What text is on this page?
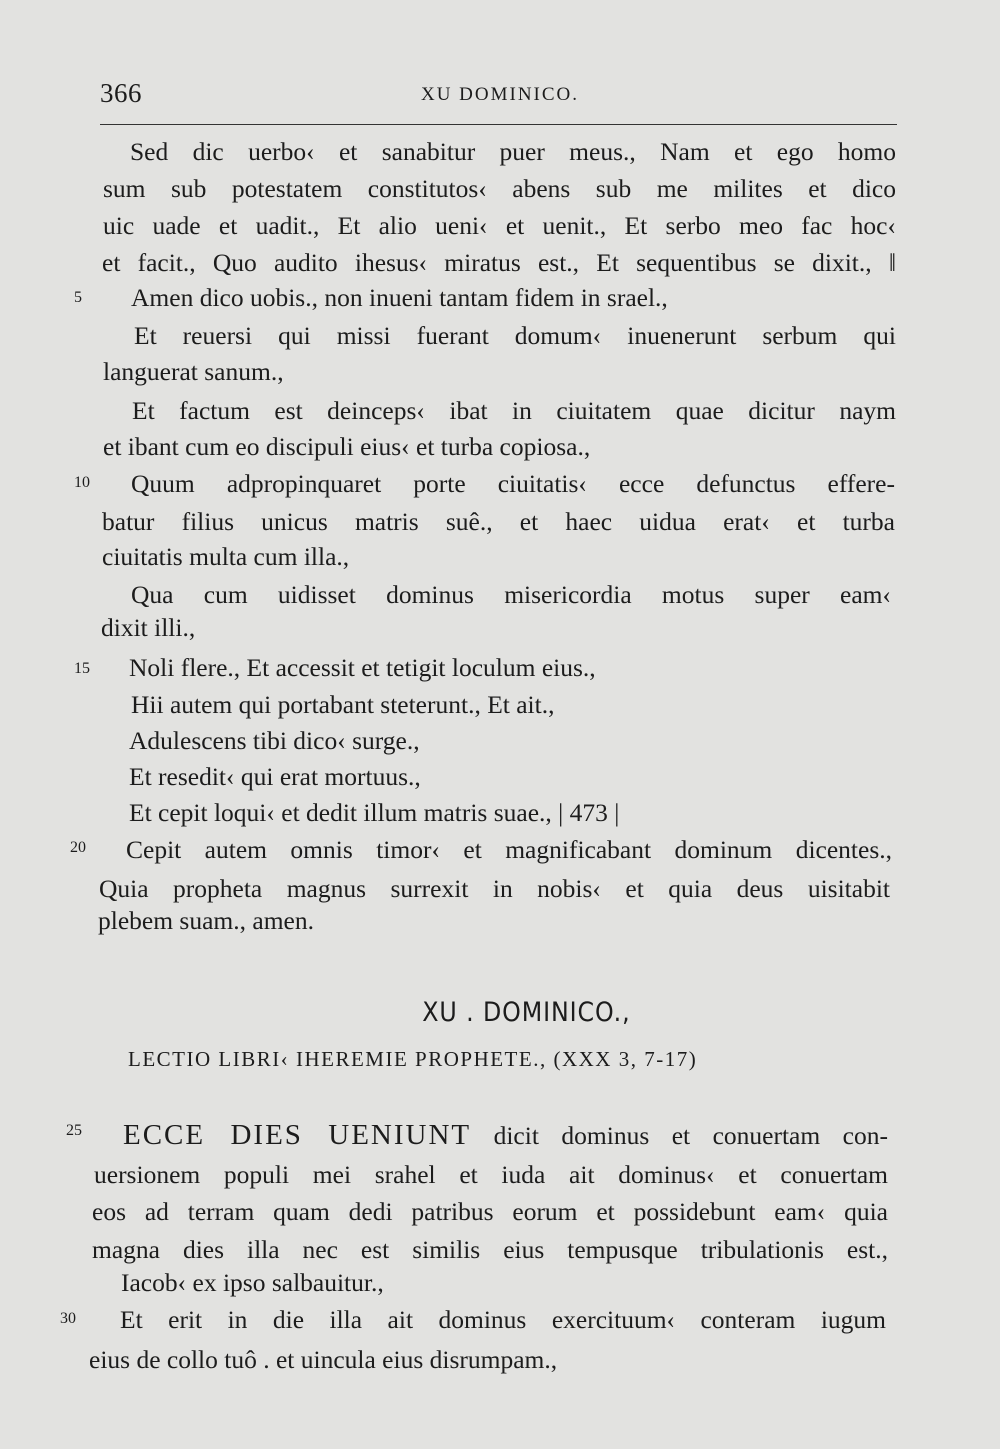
366	XU DOMINICO.
Sed dic uerbo‹ et sanabitur puer meus., Nam et ego homo
sum sub potestatem constitutos‹ abens sub me milites et dico
uic uade et uadit., Et alio ueni‹ et uenit., Et serbo meo fac hoc‹
et facit., Quo audito ihesus‹ miratus est., Et sequentibus se dixit., ‖
5 Amen dico uobis., non inueni tantam fidem in srael.,
Et reuersi qui missi fuerant domum‹ inuenerunt serbum qui
languerat sanum.,
Et factum est deinceps‹ ibat in ciuitatem quae dicitur naym
et ibant cum eo discipuli eius‹ et turba copiosa.,
10 Quum adpropinquaret porte ciuitatis‹ ecce defunctus effere-
batur filius unicus matris suê., et haec uidua erat‹ et turba
ciuitatis multa cum illa.,
Qua cum uidisset dominus misericordia motus super eam‹
dixit illi.,
15 Noli flere., Et accessit et tetigit loculum eius.,
Hii autem qui portabant steterunt., Et ait.,
Adulescens tibi dico‹ surge.,
Et resedit‹ qui erat mortuus.,
Et cepit loqui‹ et dedit illum matris suae., | 473 |
20 Cepit autem omnis timor‹ et magnificabant dominum dicentes.,
Quia propheta magnus surrexit in nobis‹ et quia deus uisitabit
plebem suam., amen.
XU . DOMINICO.,
LECTIO LIBRI‹ IHEREMIE PROPHETE., (XXX 3, 7-17)
25 ECCE DIES UENIUNT dicit dominus et conuertam con-
uersionem populi mei srahel et iuda ait dominus‹ et conuertam
eos ad terram quam dedi patribus eorum et possidebunt eam‹ quia
magna dies illa nec est similis eius tempusque tribulationis est.,
Iacob‹ ex ipso salbauitur.,
30 Et erit in die illa ait dominus exercituum‹ conteram iugum
eius de collo tuô . et uincula eius disrumpam.,
